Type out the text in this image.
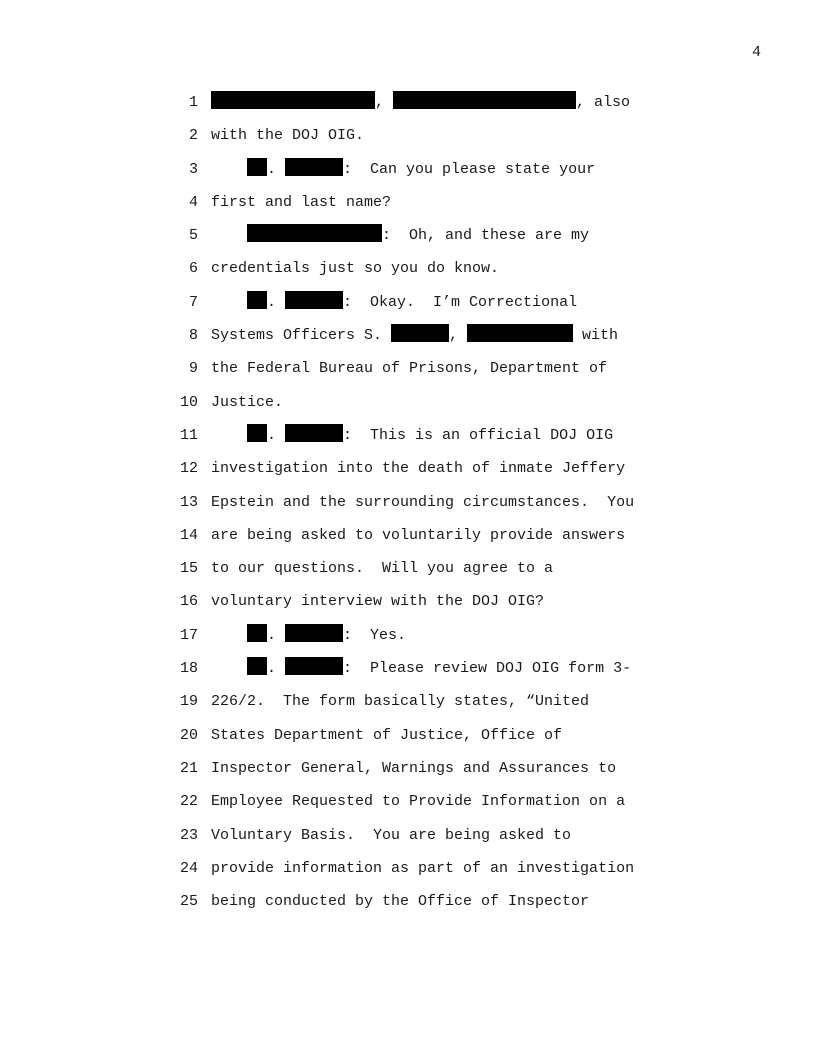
4
1	,	, also
2 with the DOJ OIG.
3	.	:  Can you please state your
4 first and last name?
5	:  Oh, and these are my
6 credentials just so you do know.
7	.	:  Okay.  I’m Correctional
8 Systems Officers S.	,	with
9 the Federal Bureau of Prisons, Department of
10 Justice.
11	.	:  This is an official DOJ OIG
12 investigation into the death of inmate Jeffery
13 Epstein and the surrounding circumstances.  You
14 are being asked to voluntarily provide answers
15 to our questions.  Will you agree to a
16 voluntary interview with the DOJ OIG?
17	.	:  Yes.
18	.	:  Please review DOJ OIG form 3-
19 226/2.  The form basically states, “United
20 States Department of Justice, Office of
21 Inspector General, Warnings and Assurances to
22 Employee Requested to Provide Information on a
23 Voluntary Basis.  You are being asked to
24 provide information as part of an investigation
25 being conducted by the Office of Inspector
